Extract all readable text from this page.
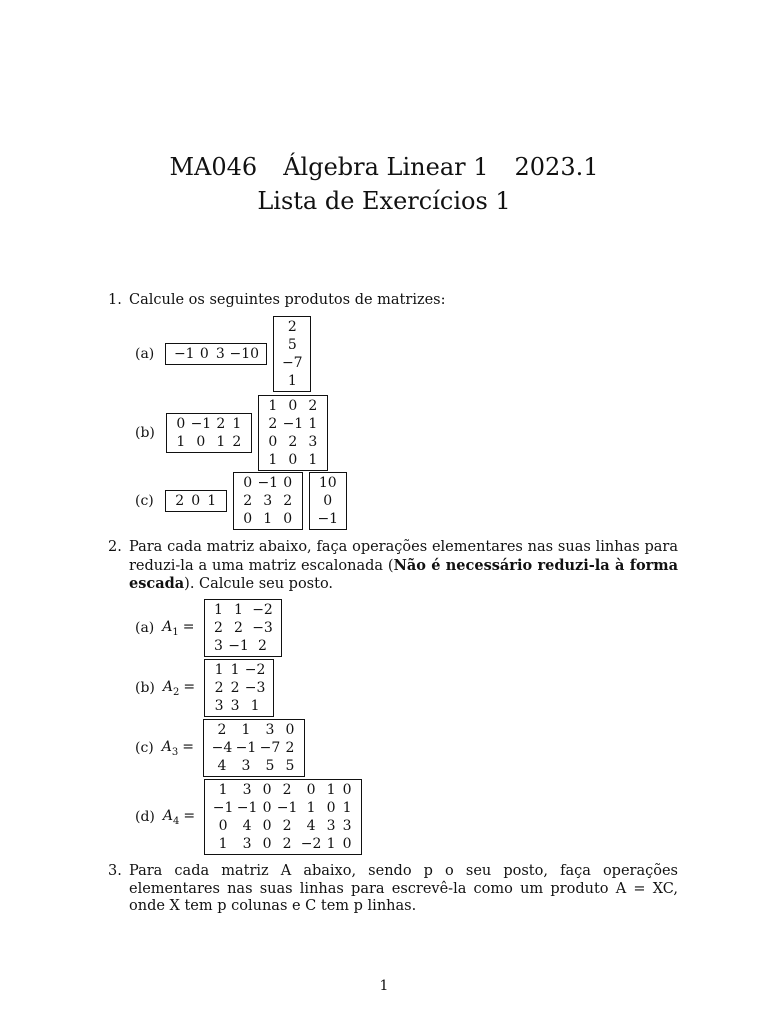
MA046 Álgebra Linear 1 2023.1
Lista de Exercícios 1
1. Calcule os seguintes produtos de matrizes:
(a) −1 0 3 −10
2
5
−7
1
(b)
0 −1 2 1
1 0 1 2
1 0 2
2 −1 1
0 2 3
1 0 1
(c) 2 0 1
0 −1 0
2 3 2
0 1 0
10
0
−1
2. Para cada matriz abaixo, faça operações elementares nas suas linhas para reduzi-la a uma matriz escalonada (Não é necessário reduzi-la à forma escada). Calcule seu posto.
(a) $A_1$ =
1 1 −2
2 2 −3
3 −1 2
(b) $A_2$ =
1 1 −2
2 2 −3
3 3 1
(c) $A_3$ =
2	1	3 0
−4 −1 −7 2
4	3	5 5
(d) $A_4$ =
1	3 0 2	0 1 0
−1 −1 0 −1 1 0 1
0	4 0 2	4 3 3
1	3 0 2 −2 1 0
3. Para cada matriz A abaixo, sendo p o seu posto, faça operações elementares nas suas linhas para escrevê-la como um produto A = XC, onde X tem p colunas e C tem p linhas.
1
